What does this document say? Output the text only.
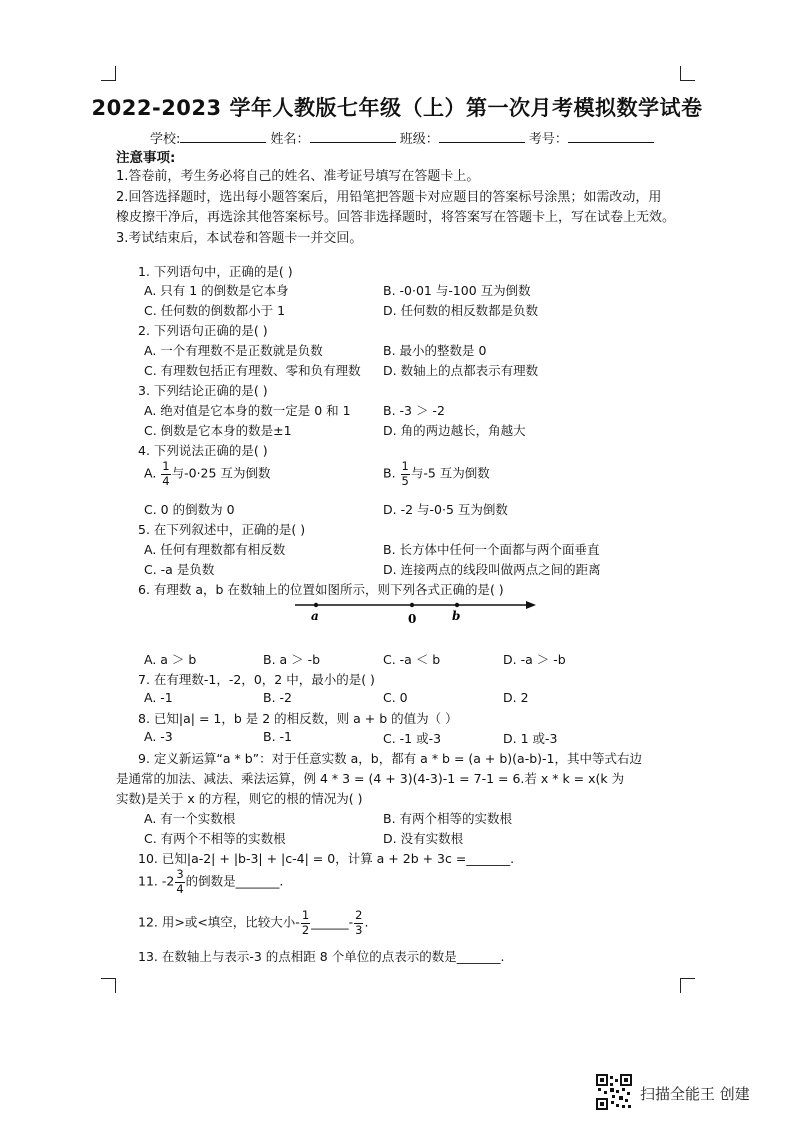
2022-2023 学年人教版七年级（上）第一次月考模拟数学试卷
学校:	姓名：	班级：	考号：
注意事项:
1.答卷前，考生务必将自己的姓名、准考证号填写在答题卡上。
2.回答选择题时，选出每小题答案后，用铅笔把答题卡对应题目的答案标号涂黑；如需改动，用
橡皮擦干净后，再选涂其他答案标号。回答非选择题时，将答案写在答题卡上，写在试卷上无效。
3.考试结束后，本试卷和答题卡一并交回。
1. 下列语句中，正确的是( )
A. 只有 1 的倒数是它本身	B. -0·01 与-100 互为倒数
C. 任何数的倒数都小于 1	D. 任何数的相反数都是负数
2. 下列语句正确的是( )
A. 一个有理数不是正数就是负数	B. 最小的整数是 0
C. 有理数包括正有理数、零和负有理数 D. 数轴上的点都表示有理数
3. 下列结论正确的是( )
A. 绝对值是它本身的数一定是 0 和 1	B. -3 ＞ -2
C. 倒数是它本身的数是±1	D. 角的两边越长，角越大
4. 下列说法正确的是( )
A. $\frac{1}{4}$ 与-0·25 互为倒数	B. $\frac{1}{5}$ 与-5 互为倒数
C. 0 的倒数为 0	D. -2 与-0·5 互为倒数
5. 在下列叙述中，正确的是( )
A. 任何有理数都有相反数	B. 长方体中任何一个面都与两个面垂直
C. -a 是负数	D. 连接两点的线段叫做两点之间的距离
6. 有理数 a，b 在数轴上的位置如图所示，则下列各式正确的是( )
a	0	b
A. a ＞ b	B. a ＞ -b	C. -a ＜ b	D. -a ＞ -b
7. 在有理数-1，-2，0，2 中，最小的是( )
A. -1	B. -2	C. 0	D. 2
8. 已知|a| = 1，b 是 2 的相反数，则 a + b 的值为（ ）
A. -3	B. -1	C. -1 或-3	D. 1 或-3
9. 定义新运算“a * b”：对于任意实数 a，b，都有 a * b = (a + b)(a-b)-1，其中等式右边
是通常的加法、减法、乘法运算，例 4 * 3 = (4 + 3)(4-3)-1 = 7-1 = 6.若 x * k = x(k 为
实数)是关于 x 的方程，则它的根的情况为( )
A. 有一个实数根	B. 有两个相等的实数根
C. 有两个不相等的实数根	D. 没有实数根
10. 已知|a-2| + |b-3| + |c-4| = 0，计算 a + 2b + 3c =_______.
11. $-2 \frac{3}{4}$ 的倒数是_______.
12. 用>或<填空，比较大小- $\frac{1}{2}$ ______- $\frac{2}{3}$ .
13. 在数轴上与表示-3 的点相距 8 个单位的点表示的数是_______.
扫描全能王 创建
